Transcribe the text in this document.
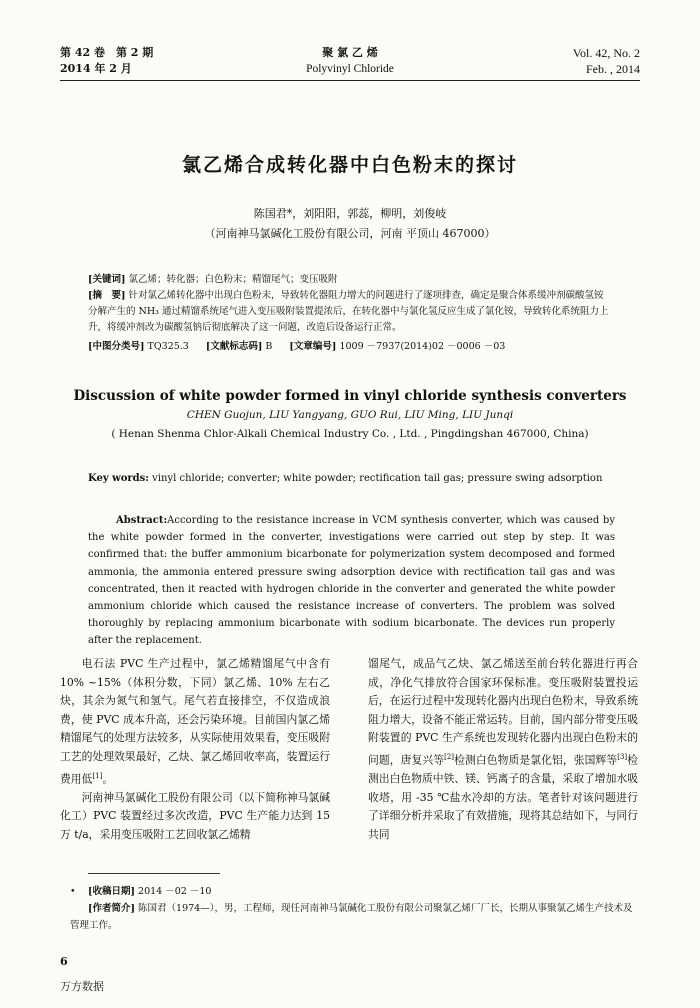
第 42 卷　第 2 期
2014 年 2 月
聚 氯 乙 烯
Polyvinyl Chloride
Vol. 42, No. 2
Feb. , 2014
氯乙烯合成转化器中白色粉末的探讨
陈国君*，刘阳阳，郭蕊，柳明，刘俊岐
（河南神马氯碱化工股份有限公司，河南 平顶山 467000）
[关键词] 氯乙烯；转化器；白色粉末；精馏尾气；变压吸附
[摘　要] 针对氯乙烯转化器中出现白色粉末，导致转化器阻力增大的问题进行了逐项排查，确定是聚合体系缓冲剂碳酸氢铵分解产生的 NH₃ 通过精馏系统尾气进入变压吸附装置提浓后，在转化器中与氯化氢反应生成了氯化铵，导致转化系统阻力上升，将缓冲剂改为碳酸氢钠后彻底解决了这一问题，改造后设备运行正常。
[中图分类号] TQ325.3 [文献标志码] B [文章编号] 1009 －7937(2014)02 －0006 －03
Discussion of white powder formed in vinyl chloride synthesis converters
CHEN Guojun, LIU Yangyang, GUO Rui, LIU Ming, LIU Junqi
( Henan Shenma Chlor-Alkali Chemical Industry Co. , Ltd. , Pingdingshan 467000, China)
Key words: vinyl chloride; converter; white powder; rectification tail gas; pressure swing adsorption
Abstract:According to the resistance increase in VCM synthesis converter, which was caused by the white powder formed in the converter, investigations were carried out step by step. It was confirmed that: the buffer ammonium bicarbonate for polymerization system decomposed and formed ammonia, the ammonia entered pressure swing adsorption device with rectification tail gas and was concentrated, then it reacted with hydrogen chloride in the converter and generated the white powder ammonium chloride which caused the resistance increase of converters. The problem was solved thoroughly by replacing ammonium bicarbonate with sodium bicarbonate. The devices run properly after the replacement.

电石法 PVC 生产过程中，氯乙烯精馏尾气中含有 10% ~15%（体积分数，下同）氯乙烯、10% 左右乙炔，其余为氮气和氢气。尾气若直接排空，不仅造成浪费，使 PVC 成本升高，还会污染环境。目前国内氯乙烯精馏尾气的处理方法较多，从实际使用效果看，变压吸附工艺的处理效果最好，乙炔、氯乙烯回收率高，装置运行费用低[1]。

河南神马氯碱化工股份有限公司（以下简称神马氯碱化工）PVC 装置经过多次改造，PVC 生产能力达到 15 万 t/a，采用变压吸附工艺回收氯乙烯精

馏尾气，成品气乙炔、氯乙烯送至前台转化器进行再合成，净化气排放符合国家环保标准。变压吸附装置投运后，在运行过程中发现转化器内出现白色粉末，导致系统阻力增大，设备不能正常运转。目前，国内部分带变压吸附装置的 PVC 生产系统也发现转化器内出现白色粉末的问题，唐复兴等[2]检测白色物质是氯化铝，张国辉等[3]检测出白色物质中铁、镁、钙离子的含量，采取了增加水吸收塔，用 -35 ℃盐水冷却的方法。笔者针对该问题进行了详细分析并采取了有效措施，现将其总结如下，与同行共同

• [收稿日期] 2014 －02 －10
[作者简介] 陈国君（1974—），男，工程师，现任河南神马氯碱化工股份有限公司聚氯乙烯厂厂长，长期从事聚氯乙烯生产技术及管理工作。
6
万方数据
